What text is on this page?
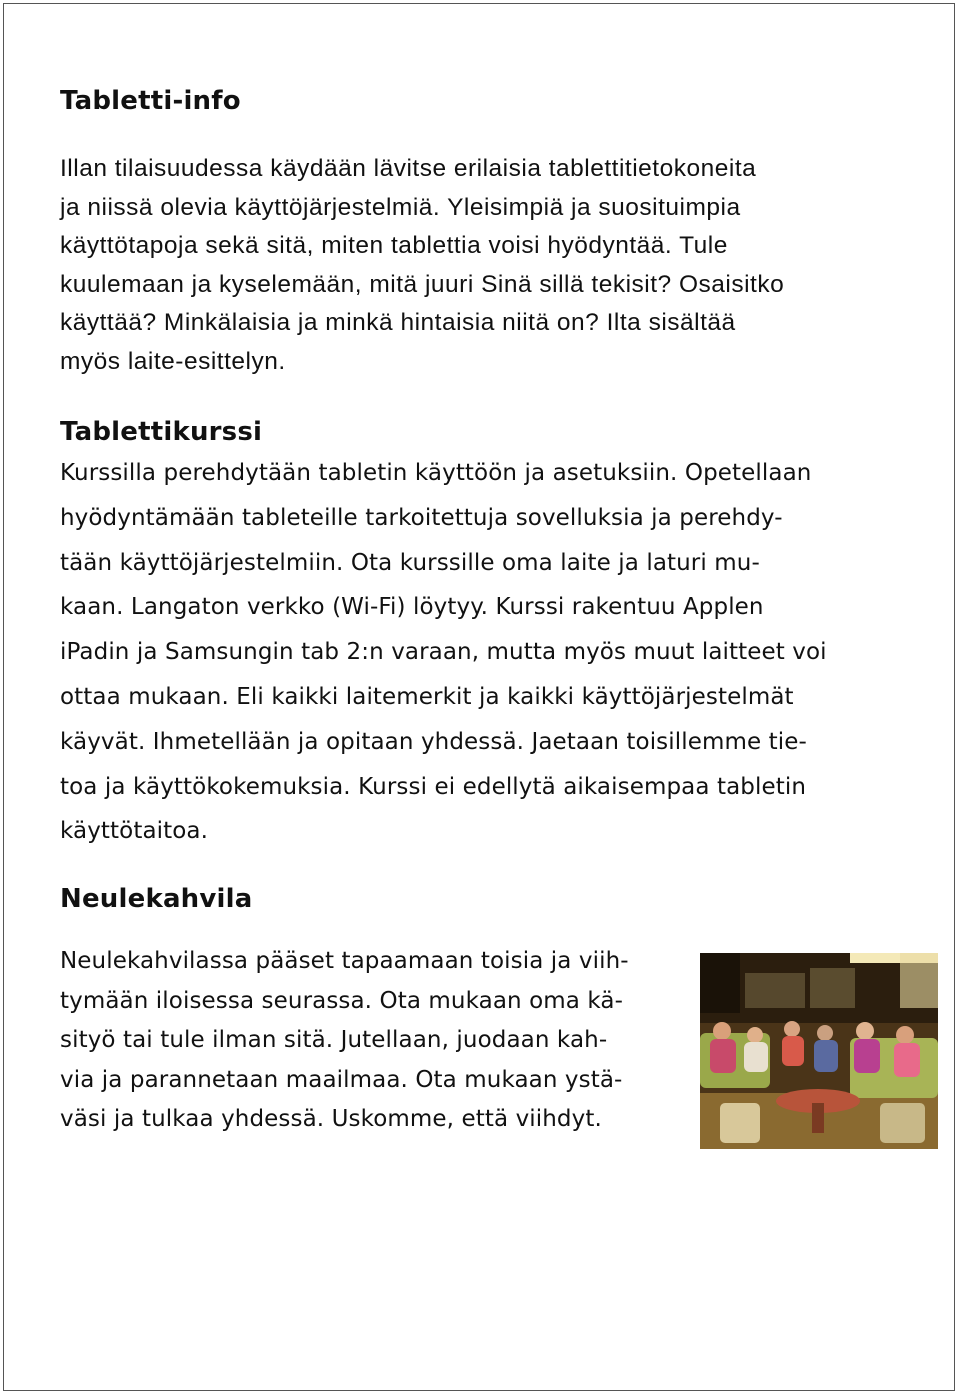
Tabletti-info

Illan tilaisuudessa käydään lävitse erilaisia tablettitietokoneita
ja niissä olevia käyttöjärjestelmiä. Yleisimpiä ja suosituimpia
käyttötapoja sekä sitä, miten tablettia voisi hyödyntää. Tule
kuulemaan ja kyselemään, mitä juuri Sinä sillä tekisit? Osaisitko
käyttää? Minkälaisia ja minkä hintaisia niitä on? Ilta sisältää
myös laite-esittelyn.

Tablettikurssi

Kurssilla perehdytään tabletin käyttöön ja asetuksiin. Opetellaan
hyödyntämään tableteille tarkoitettuja sovelluksia ja perehdy-
tään käyttöjärjestelmiin. Ota kurssille oma laite ja laturi mu-
kaan. Langaton verkko (Wi-Fi) löytyy. Kurssi rakentuu Applen
iPadin ja Samsungin tab 2:n varaan, mutta myös muut laitteet voi
ottaa mukaan. Eli kaikki laitemerkit ja kaikki käyttöjärjestelmät
käyvät. Ihmetellään ja opitaan yhdessä. Jaetaan toisillemme tie-
toa ja käyttökokemuksia. Kurssi ei edellytä aikaisempaa tabletin
käyttötaitoa.

Neulekahvila

Neulekahvilassa pääset tapaamaan toisia ja viih-
tymään iloisessa seurassa. Ota mukaan oma kä-
sityö tai tule ilman sitä. Jutellaan, juodaan kah-
via ja parannetaan maailmaa. Ota mukaan ystä-
väsi ja tulkaa yhdessä. Uskomme, että viihdyt.
